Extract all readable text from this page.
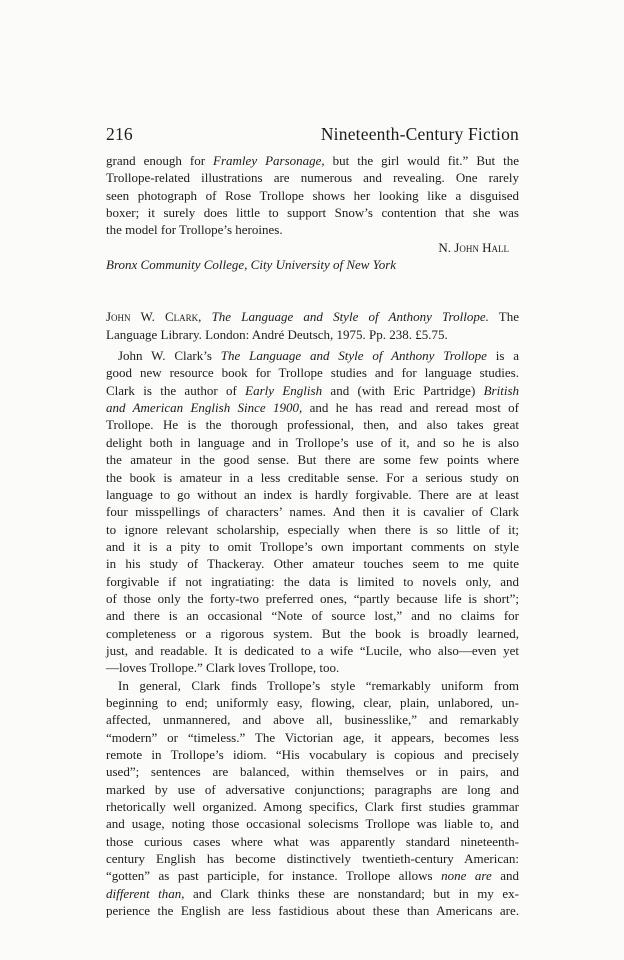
216	Nineteenth-Century Fiction

grand enough for Framley Parsonage, but the girl would fit.” But the

Trollope-related illustrations are numerous and revealing. One rarely

seen photograph of Rose Trollope shows her looking like a disguised

boxer; it surely does little to support Snow’s contention that she was

the model for Trollope’s heroines.

N. John Hall

Bronx Community College, City University of New York

John W. Clark, The Language and Style of Anthony Trollope. The

Language Library. London: André Deutsch, 1975. Pp. 238. £5.75.

John W. Clark’s The Language and Style of Anthony Trollope is a

good new resource book for Trollope studies and for language studies.

Clark is the author of Early English and (with Eric Partridge) British

and American English Since 1900, and he has read and reread most of

Trollope. He is the thorough professional, then, and also takes great

delight both in language and in Trollope’s use of it, and so he is also

the amateur in the good sense. But there are some few points where

the book is amateur in a less creditable sense. For a serious study on

language to go without an index is hardly forgivable. There are at least

four misspellings of characters’ names. And then it is cavalier of Clark

to ignore relevant scholarship, especially when there is so little of it;

and it is a pity to omit Trollope’s own important comments on style

in his study of Thackeray. Other amateur touches seem to me quite

forgivable if not ingratiating: the data is limited to novels only, and

of those only the forty-two preferred ones, “partly because life is short”;

and there is an occasional “Note of source lost,” and no claims for

completeness or a rigorous system. But the book is broadly learned,

just, and readable. It is dedicated to a wife “Lucile, who also—even yet

—loves Trollope.” Clark loves Trollope, too.

In general, Clark finds Trollope’s style “remarkably uniform from

beginning to end; uniformly easy, flowing, clear, plain, unlabored, un-

affected, unmannered, and above all, businesslike,” and remarkably

“modern” or “timeless.” The Victorian age, it appears, becomes less

remote in Trollope’s idiom. “His vocabulary is copious and precisely

used”; sentences are balanced, within themselves or in pairs, and

marked by use of adversative conjunctions; paragraphs are long and

rhetorically well organized. Among specifics, Clark first studies grammar

and usage, noting those occasional solecisms Trollope was liable to, and

those curious cases where what was apparently standard nineteenth-

century English has become distinctively twentieth-century American:

“gotten” as past participle, for instance. Trollope allows none are and

different than, and Clark thinks these are nonstandard; but in my ex-

perience the English are less fastidious about these than Americans are.
